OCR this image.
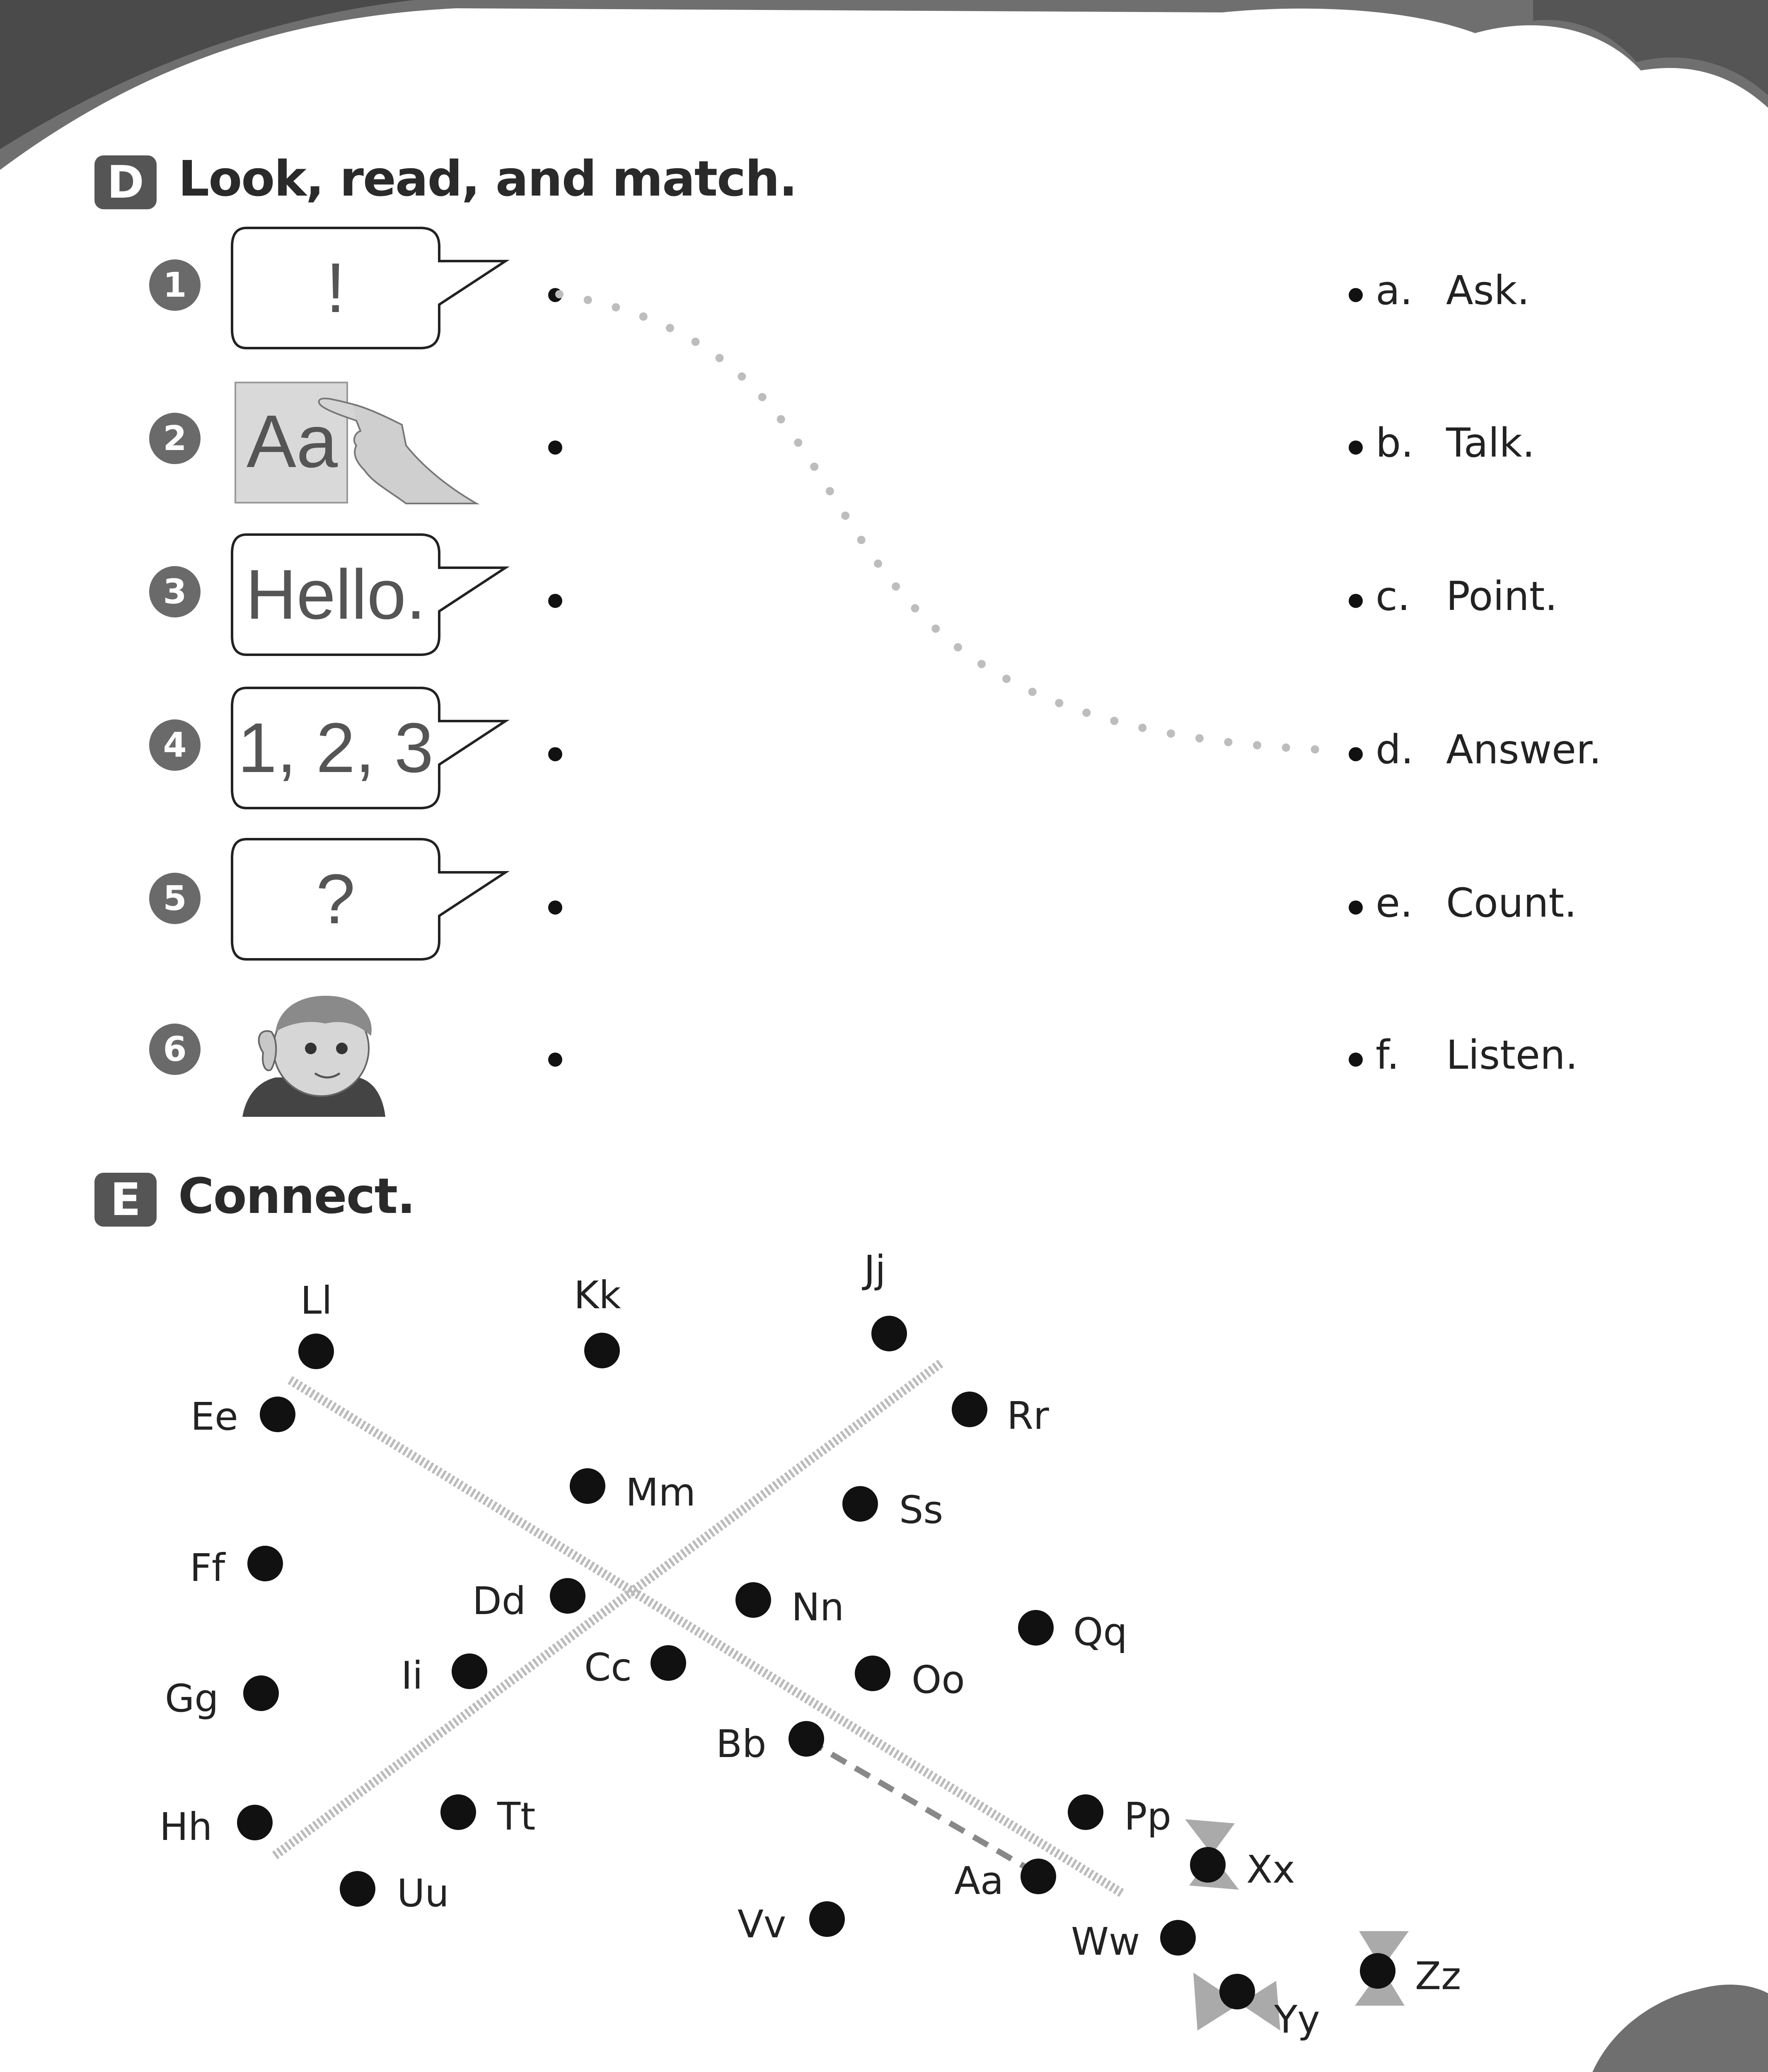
D Look, read, and match.
1
2
3
4
5
6
!
Hello.
1, 2, 3
?
Aa
a. Ask.
b. Talk.
c. Point.
d. Answer.
e. Count.
f. Listen.
E Connect.
Ll	Kk
Jj
Ee	Rr
Mm	Ss
Ff
Dd	Nn
Qq
Gg
Ii	Cc	Oo
Bb
Hh	Tt	Pp
Xx
Uu	Aa
Vv	Ww
Zz
Yy
